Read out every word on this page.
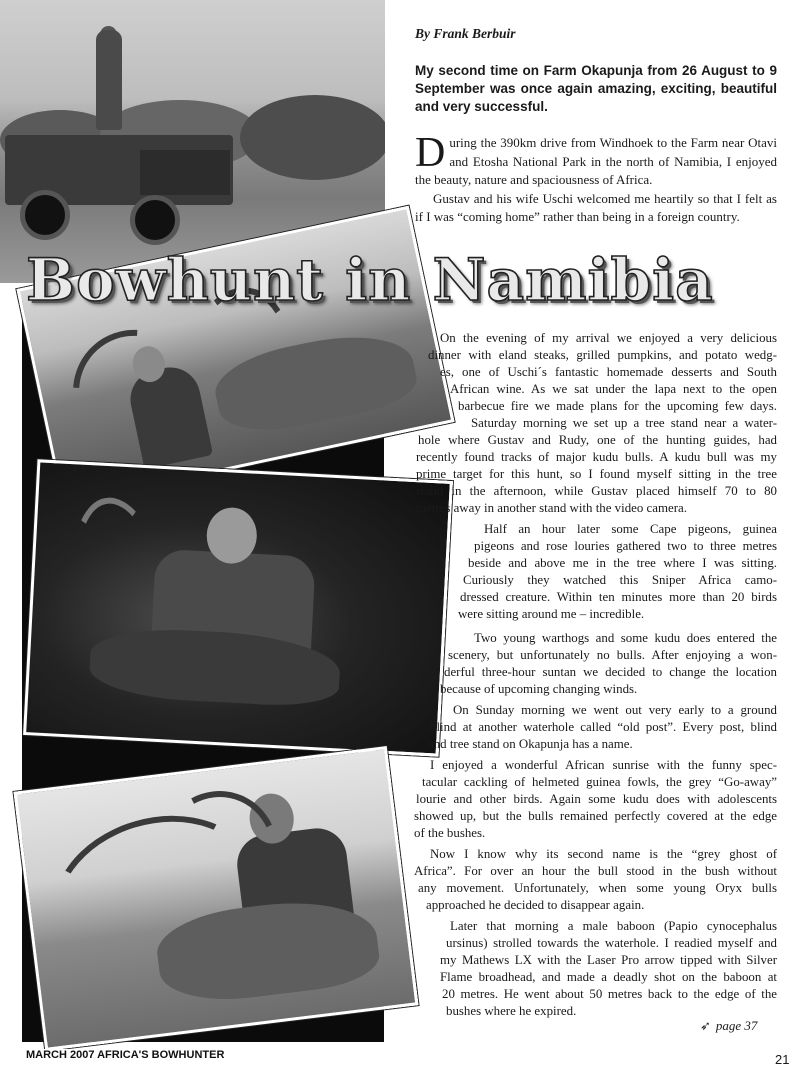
Bowhunt in Namibia
By Frank Berbuir
My second time on Farm Okapunja from 26 August to 9 September was once again amazing, exciting, beautiful and very successful.

During the 390km drive from Windhoek to the Farm near Otavi and Etosha National Park in the north of Namibia, I enjoyed the beauty, nature and spaciousness of Africa.

Gustav and his wife Uschi welcomed me heartily so that I felt as if I was “coming home” rather than being in a foreign country.

On the evening of my arrival we enjoyed a very delicious
dinner with eland steaks, grilled pumpkins, and potato wedg-
es, one of Uschi´s fantastic homemade desserts and South
African wine. As we sat under the lapa next to the open
barbecue fire we made plans for the upcoming few days.
Saturday morning we set up a tree stand near a water-
hole where Gustav and Rudy, one of the hunting guides, had
recently found tracks of major kudu bulls. A kudu bull was my
prime target for this hunt, so I found myself sitting in the tree
stand in the afternoon, while Gustav placed himself 70 to 80
metres away in another stand with the video camera.
Half an hour later some Cape pigeons, guinea
pigeons and rose louries gathered two to three metres
beside and above me in the tree where I was sitting.
Curiously they watched this Sniper Africa camo-
dressed creature. Within ten minutes more than 20 birds
were sitting around me – incredible.
Two young warthogs and some kudu does entered the
scenery, but unfortunately no bulls. After enjoying a won-
derful three-hour suntan we decided to change the location
because of upcoming changing winds.
On Sunday morning we went out very early to a ground
blind at another waterhole called “old post”. Every post, blind
and tree stand on Okapunja has a name.
I enjoyed a wonderful African sunrise with the funny spec-
tacular cackling of helmeted guinea fowls, the grey “Go-away”
lourie and other birds. Again some kudu does with adolescents
showed up, but the bulls remained perfectly covered at the edge
of the bushes.
Now I know why its second name is the “grey ghost of
Africa”. For over an hour the bull stood in the bush without
any movement. Unfortunately, when some young Oryx bulls
approached he decided to disappear again.
Later that morning a male baboon (Papio cynocephalus
ursinus) strolled towards the waterhole. I readied myself and
my Mathews LX with the Laser Pro arrow tipped with Silver
Flame broadhead, and made a deadly shot on the baboon at
20 metres. He went about 50 metres back to the edge of the
bushes where he expired.
➶ page 37
MARCH 2007 AFRICA'S BOWHUNTER	21
